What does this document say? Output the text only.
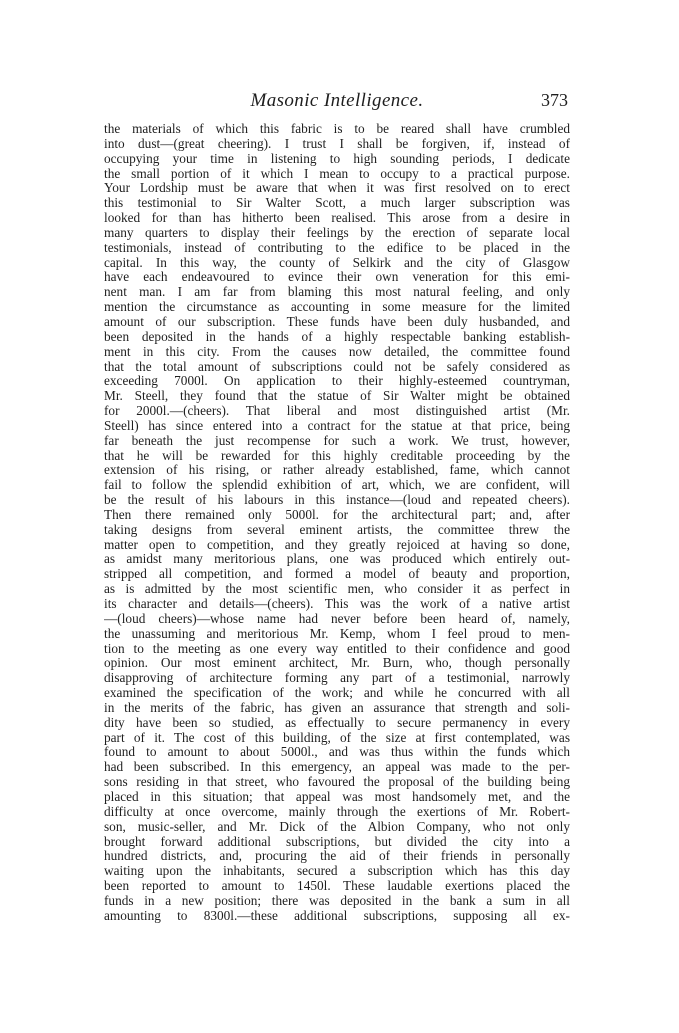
Masonic Intelligence.	373
the materials of which this fabric is to be reared shall have crumbled
into dust—(great cheering). I trust I shall be forgiven, if, instead of
occupying your time in listening to high sounding periods, I dedicate
the small portion of it which I mean to occupy to a practical purpose.
Your Lordship must be aware that when it was first resolved on to erect
this testimonial to Sir Walter Scott, a much larger subscription was
looked for than has hitherto been realised. This arose from a desire in
many quarters to display their feelings by the erection of separate local
testimonials, instead of contributing to the edifice to be placed in the
capital. In this way, the county of Selkirk and the city of Glasgow
have each endeavoured to evince their own veneration for this emi-
nent man. I am far from blaming this most natural feeling, and only
mention the circumstance as accounting in some measure for the limited
amount of our subscription. These funds have been duly husbanded, and
been deposited in the hands of a highly respectable banking establish-
ment in this city. From the causes now detailed, the committee found
that the total amount of subscriptions could not be safely considered as
exceeding 7000l. On application to their highly-esteemed countryman,
Mr. Steell, they found that the statue of Sir Walter might be obtained
for 2000l.—(cheers). That liberal and most distinguished artist (Mr.
Steell) has since entered into a contract for the statue at that price, being
far beneath the just recompense for such a work. We trust, however,
that he will be rewarded for this highly creditable proceeding by the
extension of his rising, or rather already established, fame, which cannot
fail to follow the splendid exhibition of art, which, we are confident, will
be the result of his labours in this instance—(loud and repeated cheers).
Then there remained only 5000l. for the architectural part; and, after
taking designs from several eminent artists, the committee threw the
matter open to competition, and they greatly rejoiced at having so done,
as amidst many meritorious plans, one was produced which entirely out-
stripped all competition, and formed a model of beauty and proportion,
as is admitted by the most scientific men, who consider it as perfect in
its character and details—(cheers). This was the work of a native artist
—(loud cheers)—whose name had never before been heard of, namely,
the unassuming and meritorious Mr. Kemp, whom I feel proud to men-
tion to the meeting as one every way entitled to their confidence and good
opinion. Our most eminent architect, Mr. Burn, who, though personally
disapproving of architecture forming any part of a testimonial, narrowly
examined the specification of the work; and while he concurred with all
in the merits of the fabric, has given an assurance that strength and soli-
dity have been so studied, as effectually to secure permanency in every
part of it. The cost of this building, of the size at first contemplated, was
found to amount to about 5000l., and was thus within the funds which
had been subscribed. In this emergency, an appeal was made to the per-
sons residing in that street, who favoured the proposal of the building being
placed in this situation; that appeal was most handsomely met, and the
difficulty at once overcome, mainly through the exertions of Mr. Robert-
son, music-seller, and Mr. Dick of the Albion Company, who not only
brought forward additional subscriptions, but divided the city into a
hundred districts, and, procuring the aid of their friends in personally
waiting upon the inhabitants, secured a subscription which has this day
been reported to amount to 1450l. These laudable exertions placed the
funds in a new position; there was deposited in the bank a sum in all
amounting to 8300l.—these additional subscriptions, supposing all ex-
